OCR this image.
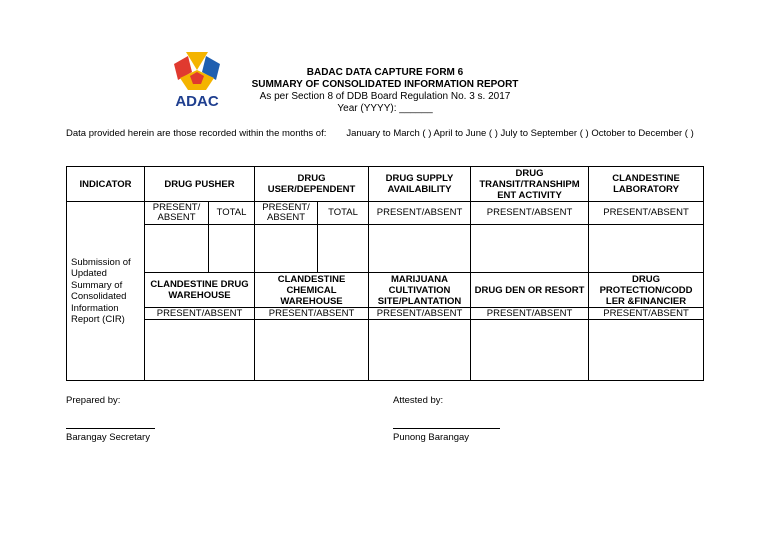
ADAC
BADAC DATA CAPTURE FORM 6
SUMMARY OF CONSOLIDATED INFORMATION REPORT
As per Section 8 of DDB Board Regulation No. 3 s. 2017
Year (YYYY): ______
Data provided herein are those recorded within the months of: January to March ( ) April to June ( ) July to September ( ) October to December ( )
INDICATOR	DRUG PUSHER		DRUG USER/DEPENDENT		DRUG SUPPLY AVAILABILITY	DRUG TRANSIT/TRANSHIPM ENT ACTIVITY	CLANDESTINE LABORATORY
Submission of Updated Summary of Consolidated Information Report (CIR)	PRESENT/ ABSENT	TOTAL	PRESENT/ ABSENT	TOTAL	PRESENT/ABSENT	PRESENT/ABSENT	PRESENT/ABSENT

	CLANDESTINE DRUG WAREHOUSE		CLANDESTINE CHEMICAL WAREHOUSE		MARIJUANA CULTIVATION SITE/PLANTATION	DRUG DEN OR RESORT	DRUG PROTECTION/CODD LER &FINANCIER
	PRESENT/ABSENT		PRESENT/ABSENT		PRESENT/ABSENT	PRESENT/ABSENT	PRESENT/ABSENT

Prepared by:	Attested by:
Barangay Secretary	Punong Barangay
